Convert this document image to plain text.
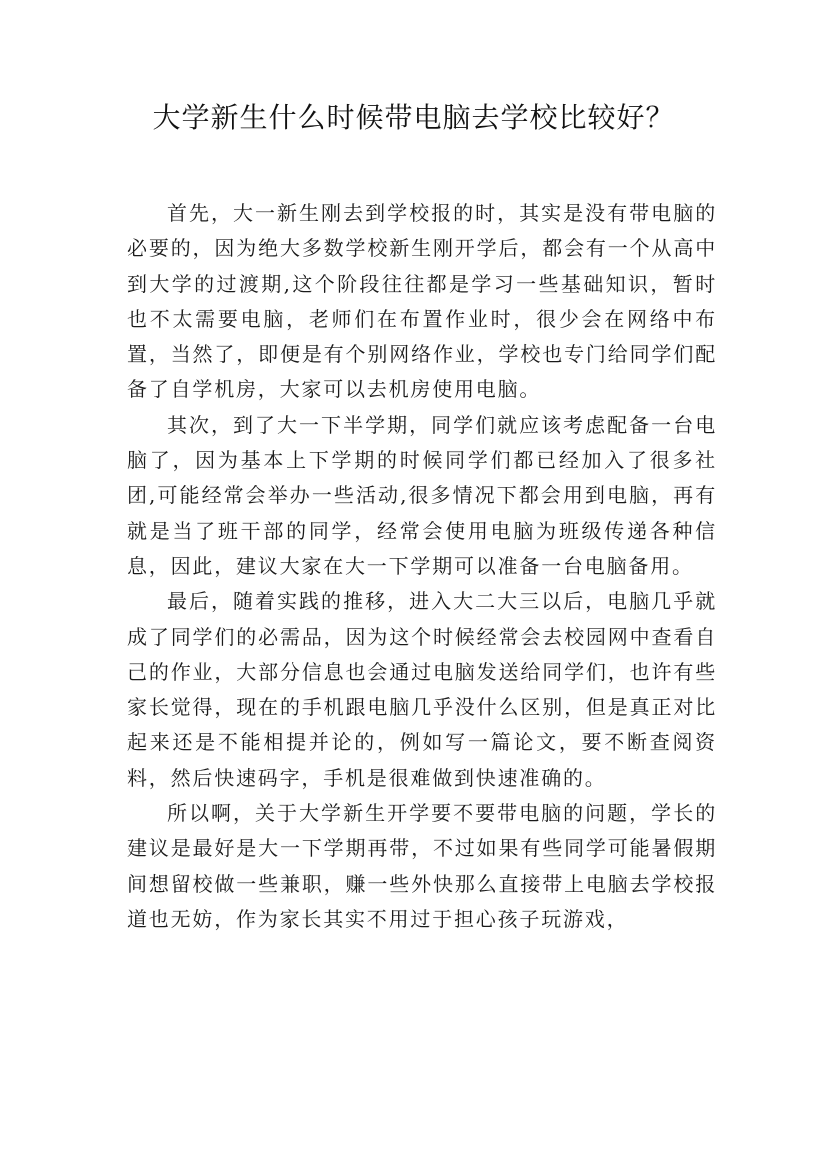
大学新生什么时候带电脑去学校比较好？

首先，大一新生刚去到学校报的时，其实是没有带电脑的必要的，因为绝大多数学校新生刚开学后，都会有一个从高中到大学的过渡期,这个阶段往往都是学习一些基础知识，暂时也不太需要电脑，老师们在布置作业时，很少会在网络中布置，当然了，即便是有个别网络作业，学校也专门给同学们配备了自学机房，大家可以去机房使用电脑。

其次，到了大一下半学期，同学们就应该考虑配备一台电脑了，因为基本上下学期的时候同学们都已经加入了很多社团,可能经常会举办一些活动,很多情况下都会用到电脑，再有就是当了班干部的同学，经常会使用电脑为班级传递各种信息，因此，建议大家在大一下学期可以准备一台电脑备用。

最后，随着实践的推移，进入大二大三以后，电脑几乎就成了同学们的必需品，因为这个时候经常会去校园网中查看自己的作业，大部分信息也会通过电脑发送给同学们，也许有些家长觉得，现在的手机跟电脑几乎没什么区别，但是真正对比起来还是不能相提并论的，例如写一篇论文，要不断查阅资料，然后快速码字，手机是很难做到快速准确的。

所以啊，关于大学新生开学要不要带电脑的问题，学长的建议是最好是大一下学期再带，不过如果有些同学可能暑假期间想留校做一些兼职，赚一些外快那么直接带上电脑去学校报道也无妨，作为家长其实不用过于担心孩子玩游戏，
